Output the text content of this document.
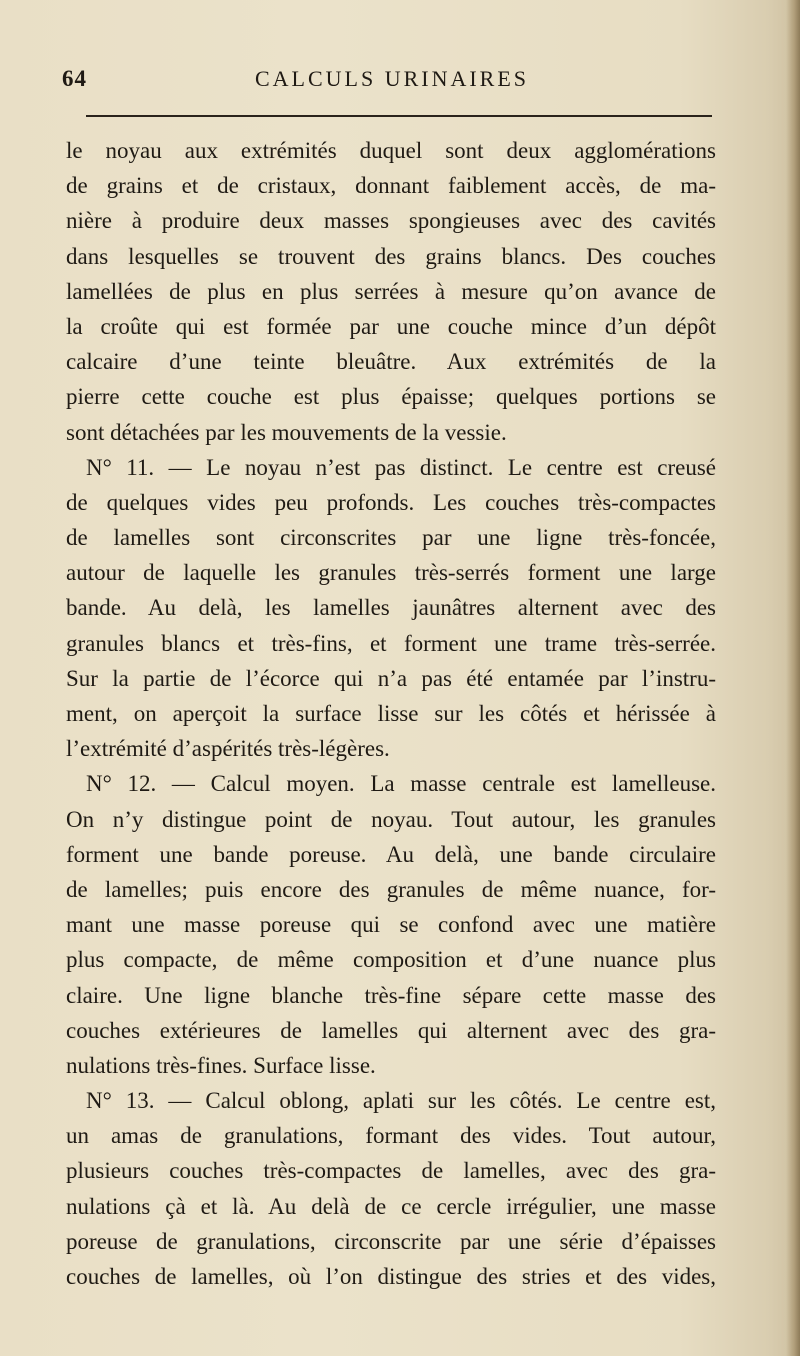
64	CALCULS URINAIRES
le noyau aux extrémités duquel sont deux agglomérations
de grains et de cristaux, donnant faiblement accès, de ma-
nière à produire deux masses spongieuses avec des cavités
dans lesquelles se trouvent des grains blancs. Des couches
lamellées de plus en plus serrées à mesure qu’on avance de
la croûte qui est formée par une couche mince d’un dépôt
calcaire d’une teinte bleuâtre. Aux extrémités de la
pierre cette couche est plus épaisse; quelques portions se
sont détachées par les mouvements de la vessie.
N° 11. — Le noyau n’est pas distinct. Le centre est creusé
de quelques vides peu profonds. Les couches très-compactes
de lamelles sont circonscrites par une ligne très-foncée,
autour de laquelle les granules très-serrés forment une large
bande. Au delà, les lamelles jaunâtres alternent avec des
granules blancs et très-fins, et forment une trame très-serrée.
Sur la partie de l’écorce qui n’a pas été entamée par l’instru-
ment, on aperçoit la surface lisse sur les côtés et hérissée à
l’extrémité d’aspérités très-légères.
N° 12. — Calcul moyen. La masse centrale est lamelleuse.
On n’y distingue point de noyau. Tout autour, les granules
forment une bande poreuse. Au delà, une bande circulaire
de lamelles; puis encore des granules de même nuance, for-
mant une masse poreuse qui se confond avec une matière
plus compacte, de même composition et d’une nuance plus
claire. Une ligne blanche très-fine sépare cette masse des
couches extérieures de lamelles qui alternent avec des gra-
nulations très-fines. Surface lisse.
N° 13. — Calcul oblong, aplati sur les côtés. Le centre est,
un amas de granulations, formant des vides. Tout autour,
plusieurs couches très-compactes de lamelles, avec des gra-
nulations çà et là. Au delà de ce cercle irrégulier, une masse
poreuse de granulations, circonscrite par une série d’épaisses
couches de lamelles, où l’on distingue des stries et des vides,
